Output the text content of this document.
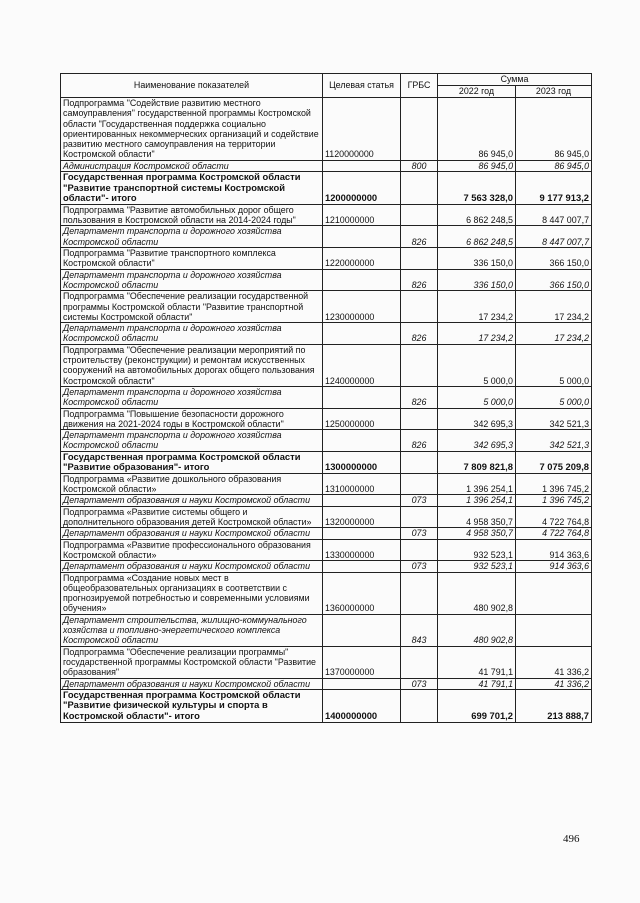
Наименование показателей	Целевая статья	ГРБС	Сумма	
			2022 год	2023 год
Подпрограмма "Содействие развитию местного самоуправления" государственной программы Костромской области "Государственная поддержка социально ориентированных некоммерческих организаций и содействие развитию местного самоуправления на территории Костромской области"	1120000000		86 945,0	86 945,0
Администрация Костромской области		800	86 945,0	86 945,0
Государственная программа Костромской области "Развитие транспортной системы Костромской области"- итого	1200000000		7 563 328,0	9 177 913,2
Подпрограмма "Развитие автомобильных дорог общего пользования в Костромской области на 2014-2024 годы"	1210000000		6 862 248,5	8 447 007,7
Департамент транспорта и дорожного хозяйства Костромской области		826	6 862 248,5	8 447 007,7
Подпрограмма "Развитие транспортного комплекса Костромской области"	1220000000		336 150,0	366 150,0
Департамент транспорта и дорожного хозяйства Костромской области		826	336 150,0	366 150,0
Подпрограмма "Обеспечение реализации государственной программы Костромской области "Развитие транспортной системы Костромской области"	1230000000		17 234,2	17 234,2
Департамент транспорта и дорожного хозяйства Костромской области		826	17 234,2	17 234,2
Подпрограмма "Обеспечение реализации мероприятий по строительству (реконструкции) и ремонтам искусственных сооружений на автомобильных дорогах общего пользования Костромской области"	1240000000		5 000,0	5 000,0
Департамент транспорта и дорожного хозяйства Костромской области		826	5 000,0	5 000,0
Подпрограмма "Повышение безопасности дорожного движения на 2021-2024 годы в Костромской области"	1250000000		342 695,3	342 521,3
Департамент транспорта и дорожного хозяйства Костромской области		826	342 695,3	342 521,3
Государственная программа Костромской области "Развитие образования"- итого	1300000000		7 809 821,8	7 075 209,8
Подпрограмма «Развитие дошкольного образования Костромской области»	1310000000		1 396 254,1	1 396 745,2
Департамент образования и науки Костромской области		073	1 396 254,1	1 396 745,2
Подпрограмма «Развитие системы общего и дополнительного образования детей Костромской области»	1320000000		4 958 350,7	4 722 764,8
Департамент образования и науки Костромской области		073	4 958 350,7	4 722 764,8
Подпрограмма «Развитие профессионального образования Костромской области»	1330000000		932 523,1	914 363,6
Департамент образования и науки Костромской области		073	932 523,1	914 363,6
Подпрограмма «Создание новых мест в общеобразовательных организациях в соответствии с прогнозируемой потребностью и современными условиями обучения»	1360000000		480 902,8	
Департамент строительства, жилищно-коммунального хозяйства и топливно-энергетического комплекса Костромской области		843	480 902,8	
Подпрограмма "Обеспечение реализации программы" государственной программы Костромской области "Развитие образования"	1370000000		41 791,1	41 336,2
Департамент образования и науки Костромской области		073	41 791,1	41 336,2
Государственная программа Костромской области "Развитие физической культуры и спорта в Костромской области"- итого	1400000000		699 701,2	213 888,7
496
